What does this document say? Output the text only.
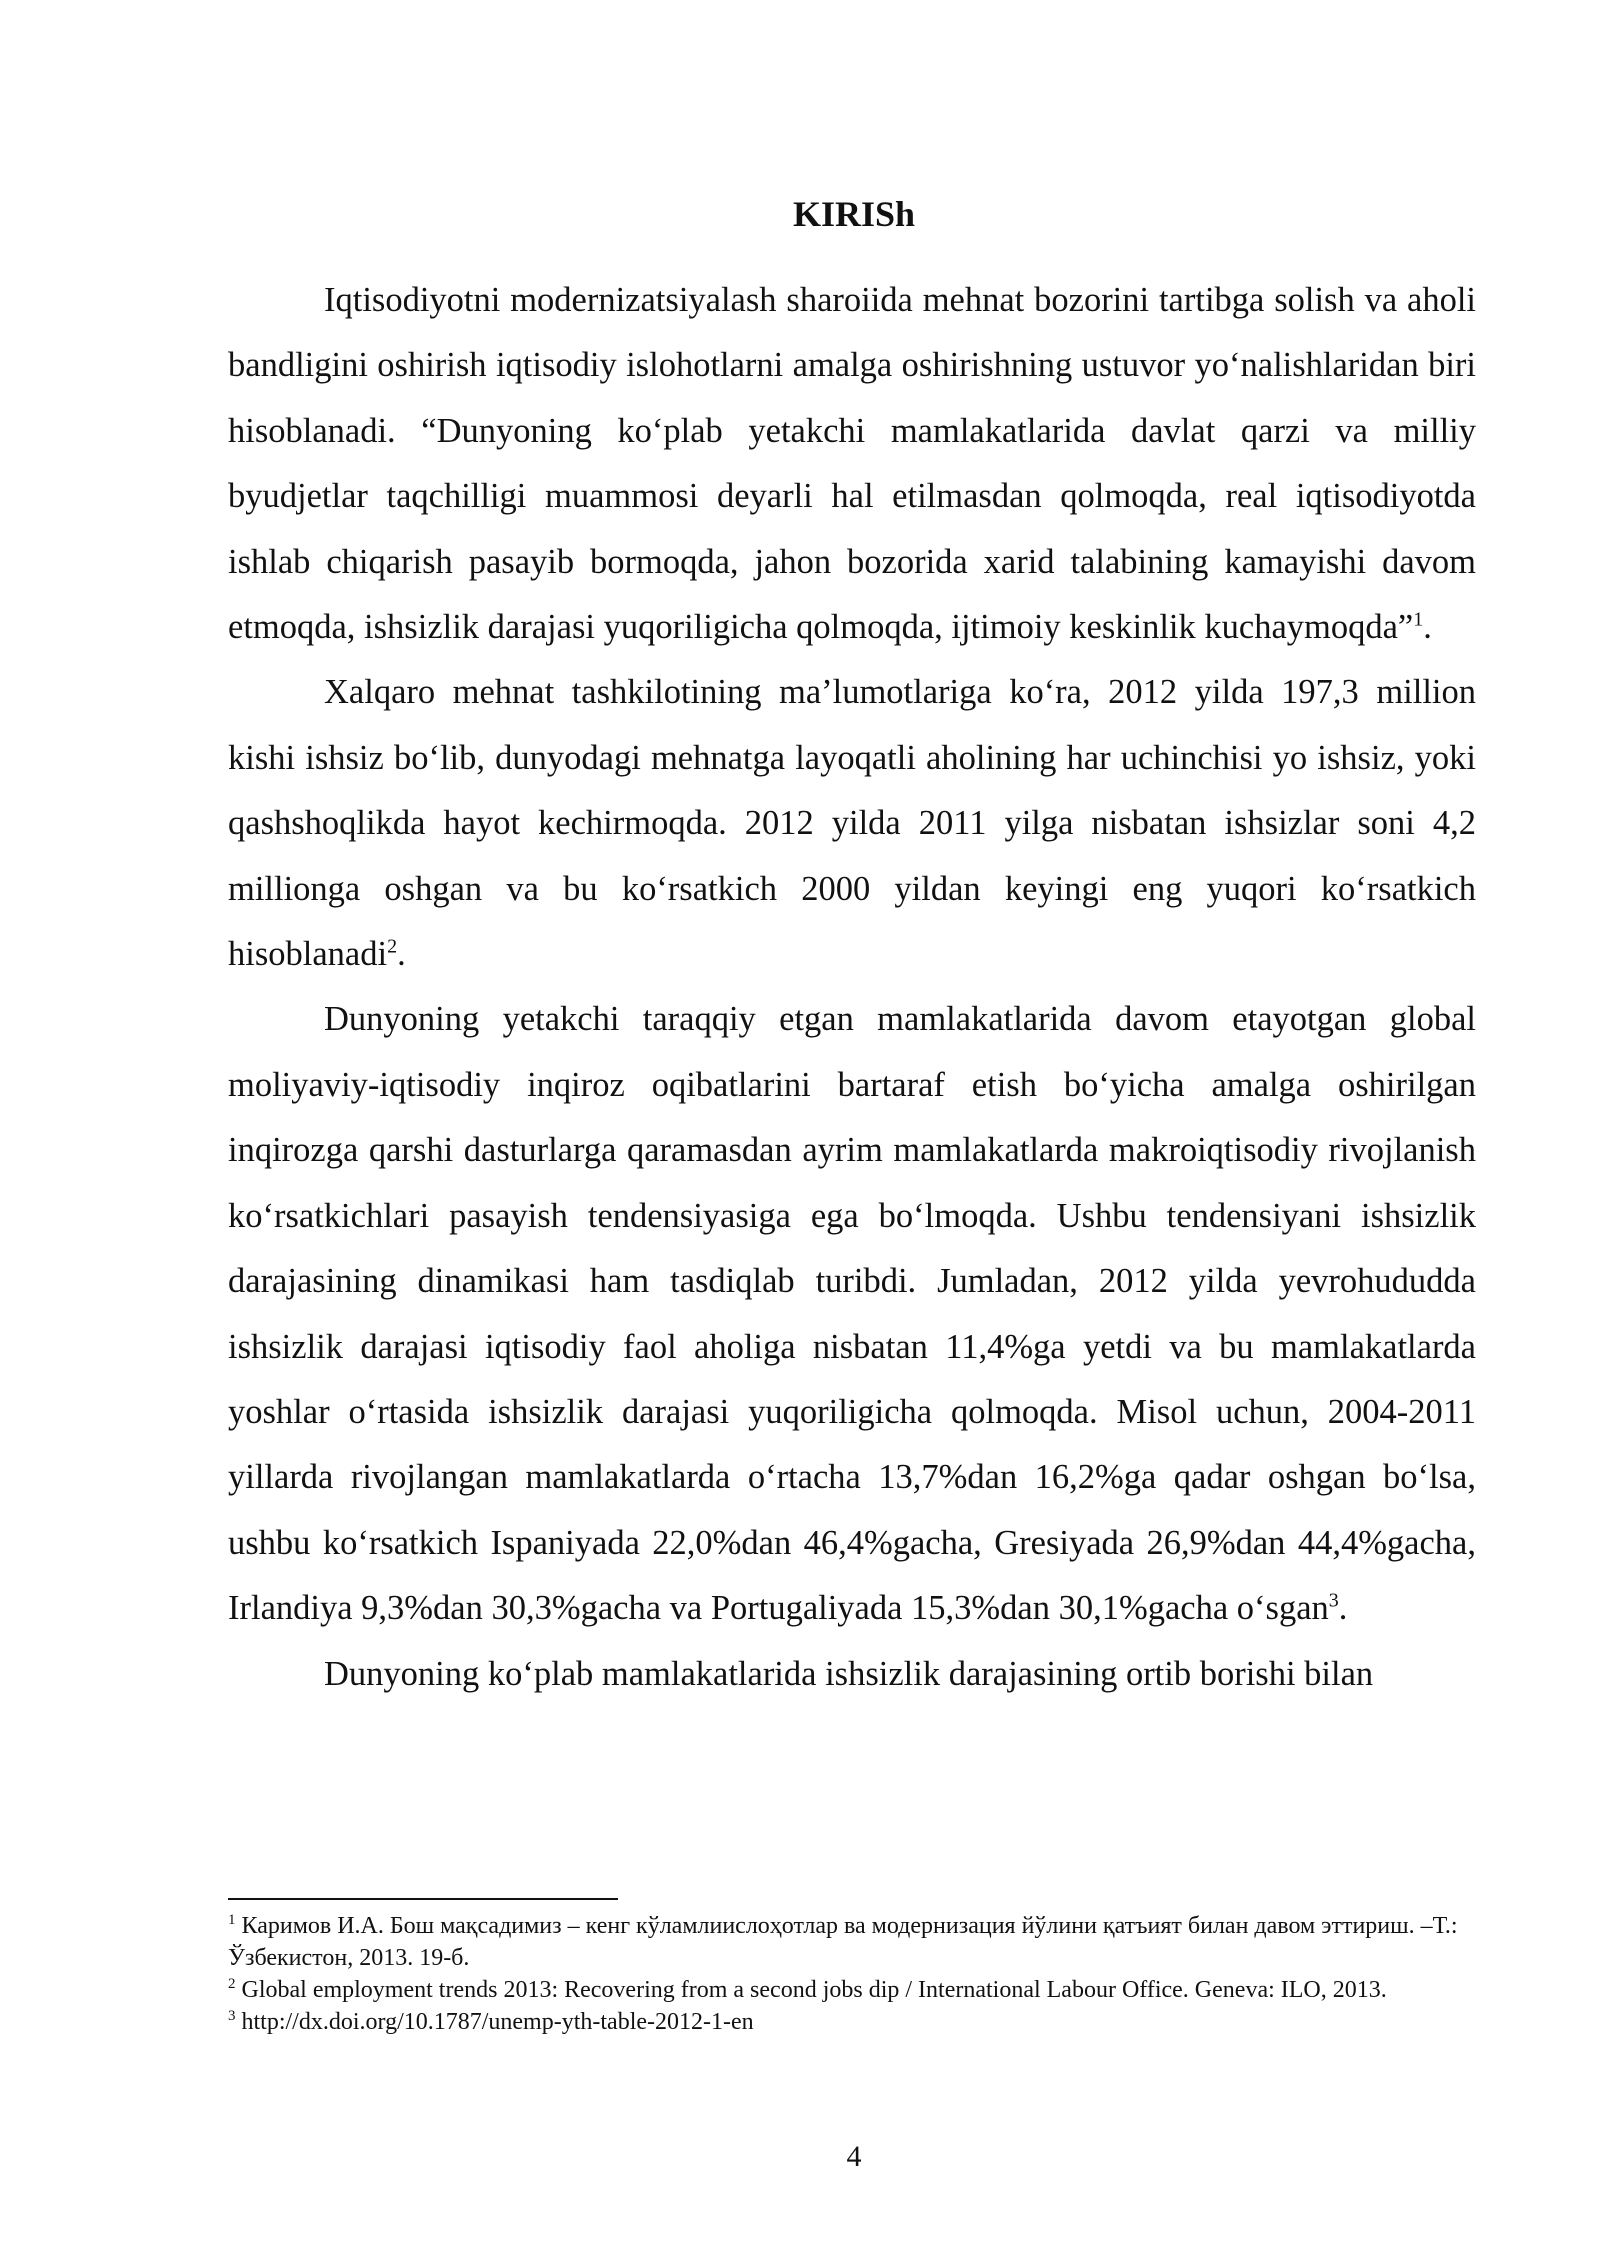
KIRISh

Iqtisodiyotni modernizatsiyalash sharoiida mehnat bozorini tartibga solish va aholi bandligini oshirish iqtisodiy islohotlarni amalga oshirishning ustuvor yo‘nalishlaridan biri hisoblanadi. “Dunyoning ko‘plab yetakchi mamlakatlarida davlat qarzi va milliy byudjetlar taqchilligi muammosi deyarli hal etilmasdan qolmoqda, real iqtisodiyotda ishlab chiqarish pasayib bormoqda, jahon bozorida xarid talabining kamayishi davom etmoqda, ishsizlik darajasi yuqoriligicha qolmoqda, ijtimoiy keskinlik kuchaymoqda”$^1$.

Xalqaro mehnat tashkilotining ma’lumotlariga ko‘ra, 2012 yilda 197,3 million kishi ishsiz bo‘lib, dunyodagi mehnatga layoqatli aholining har uchinchisi yo ishsiz, yoki qashshoqlikda hayot kechirmoqda. 2012 yilda 2011 yilga nisbatan ishsizlar soni 4,2 millionga oshgan va bu ko‘rsatkich 2000 yildan keyingi eng yuqori ko‘rsatkich hisoblanadi$^2$.

Dunyoning yetakchi taraqqiy etgan mamlakatlarida davom etayotgan global moliyaviy-iqtisodiy inqiroz oqibatlarini bartaraf etish bo‘yicha amalga oshirilgan inqirozga qarshi dasturlarga qaramasdan ayrim mamlakatlarda makroiqtisodiy rivojlanish ko‘rsatkichlari pasayish tendensiyasiga ega bo‘lmoqda. Ushbu tendensiyani ishsizlik darajasining dinamikasi ham tasdiqlab turibdi. Jumladan, 2012 yilda yevrohududda ishsizlik darajasi iqtisodiy faol aholiga nisbatan 11,4%ga yetdi va bu mamlakatlarda yoshlar o‘rtasida ishsizlik darajasi yuqoriligicha qolmoqda. Misol uchun, 2004-2011 yillarda rivojlangan mamlakatlarda o‘rtacha 13,7%dan 16,2%ga qadar oshgan bo‘lsa, ushbu ko‘rsatkich Ispaniyada 22,0%dan 46,4%gacha, Gresiyada 26,9%dan 44,4%gacha, Irlandiya 9,3%dan 30,3%gacha va Portugaliyada 15,3%dan 30,1%gacha o‘sgan$^3$.

Dunyoning ko‘plab mamlakatlarida ishsizlik darajasining ortib borishi bilan

$^1$ Каримов И.А. Бош мақсадимиз – кенг кўламлиислоҳотлар ва модернизация йўлини қатъият билан давом эттириш. –Т.: Ўзбекистон, 2013. 19-б.

$^2$ Global employment trends 2013: Recovering from a second jobs dip / International Labour Office. Geneva: ILO, 2013.

$^3$ http://dx.doi.org/10.1787/unemp-yth-table-2012-1-en

4
